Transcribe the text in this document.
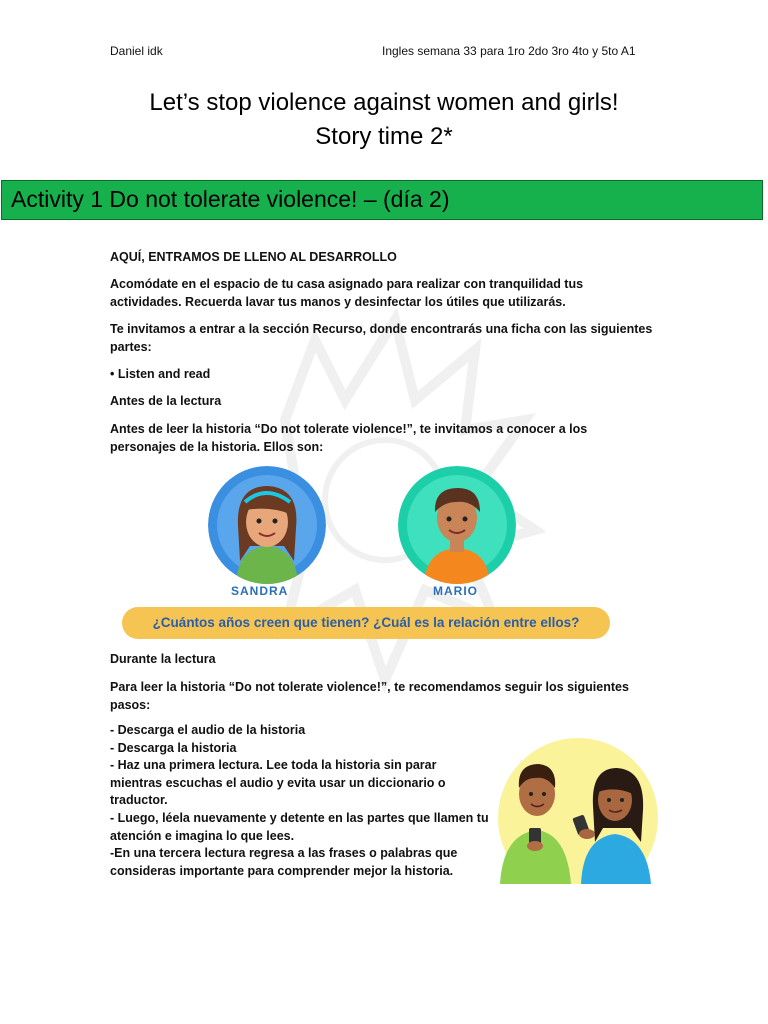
Daniel idk	Ingles semana 33 para 1ro 2do 3ro 4to y 5to A1
Let’s stop violence against women and girls!
Story time 2*
Activity 1 Do not tolerate violence! – (día 2)
AQUÍ, ENTRAMOS DE LLENO AL DESARROLLO
Acomódate en el espacio de tu casa asignado para realizar con tranquilidad tus actividades. Recuerda lavar tus manos y desinfectar los útiles que utilizarás.
Te invitamos a entrar a la sección Recurso, donde encontrarás una ficha con las siguientes partes:
• Listen and read
Antes de la lectura
Antes de leer la historia “Do not tolerate violence!”, te invitamos a conocer a los personajes de la historia. Ellos son:
SANDRA	MARIO
¿Cuántos años creen que tienen? ¿Cuál es la relación entre ellos?
Durante la lectura
Para leer la historia “Do not tolerate violence!”, te recomendamos seguir los siguientes pasos:
- Descarga el audio de la historia
- Descarga la historia
- Haz una primera lectura. Lee toda la historia sin parar mientras escuchas el audio y evita usar un diccionario o traductor.
- Luego, léela nuevamente y detente en las partes que llamen tu atención e imagina lo que lees.
-En una tercera lectura regresa a las frases o palabras que consideras importante para comprender mejor la historia.
